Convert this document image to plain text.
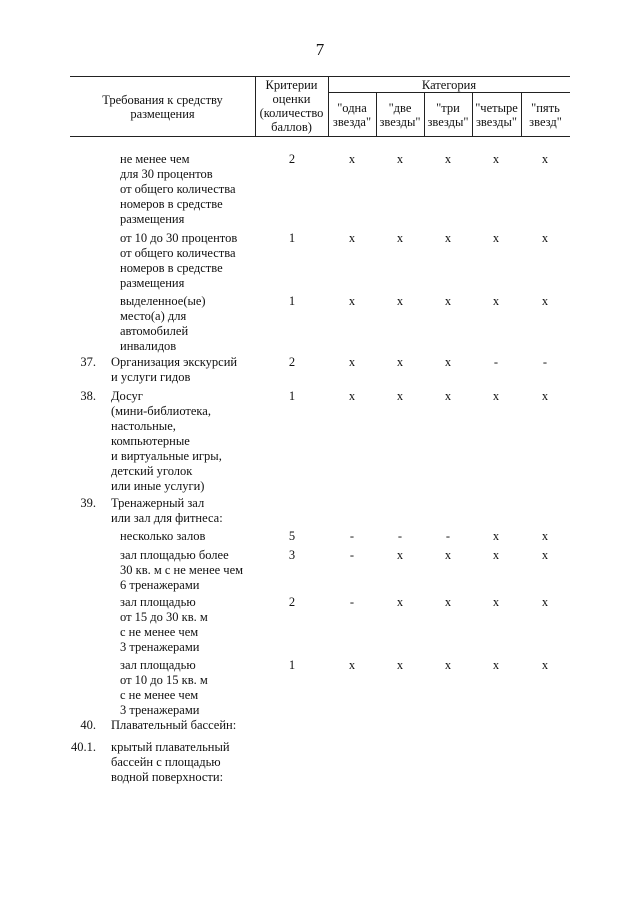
7
Требования к средству
размещения
Критерии
оценки
(количество
баллов)
Категория
"одна
звезда"
"две
звезды"
"три
звезды"
"четыре
звезды"
"пять
звезд"
не менее чем
для 30 процентов
от общего количества
номеров в средстве
размещения
2	x	x	x	x	x
от 10 до 30 процентов
от общего количества
номеров в средстве
размещения
1	x	x	x	x	x
выделенное(ые)
место(а) для
автомобилей
инвалидов
1	x	x	x	x	x
37. Организация экскурсий
и услуги гидов
2	x	x	x	-	-
38. Досуг
(мини-библиотека,
настольные,
компьютерные
и виртуальные игры,
детский уголок
или иные услуги)
1	x	x	x	x	x
39. Тренажерный зал
или зал для фитнеса:
несколько залов	5	-	-	-	x	x
зал площадью более
30 кв. м с не менее чем
6 тренажерами
3	-	x	x	x	x
зал площадью
от 15 до 30 кв. м
с не менее чем
3 тренажерами
2	-	x	x	x	x
зал площадью
от 10 до 15 кв. м
с не менее чем
3 тренажерами
1	x	x	x	x	x
40. Плавательный бассейн:
40.1. крытый плавательный
бассейн с площадью
водной поверхности:
